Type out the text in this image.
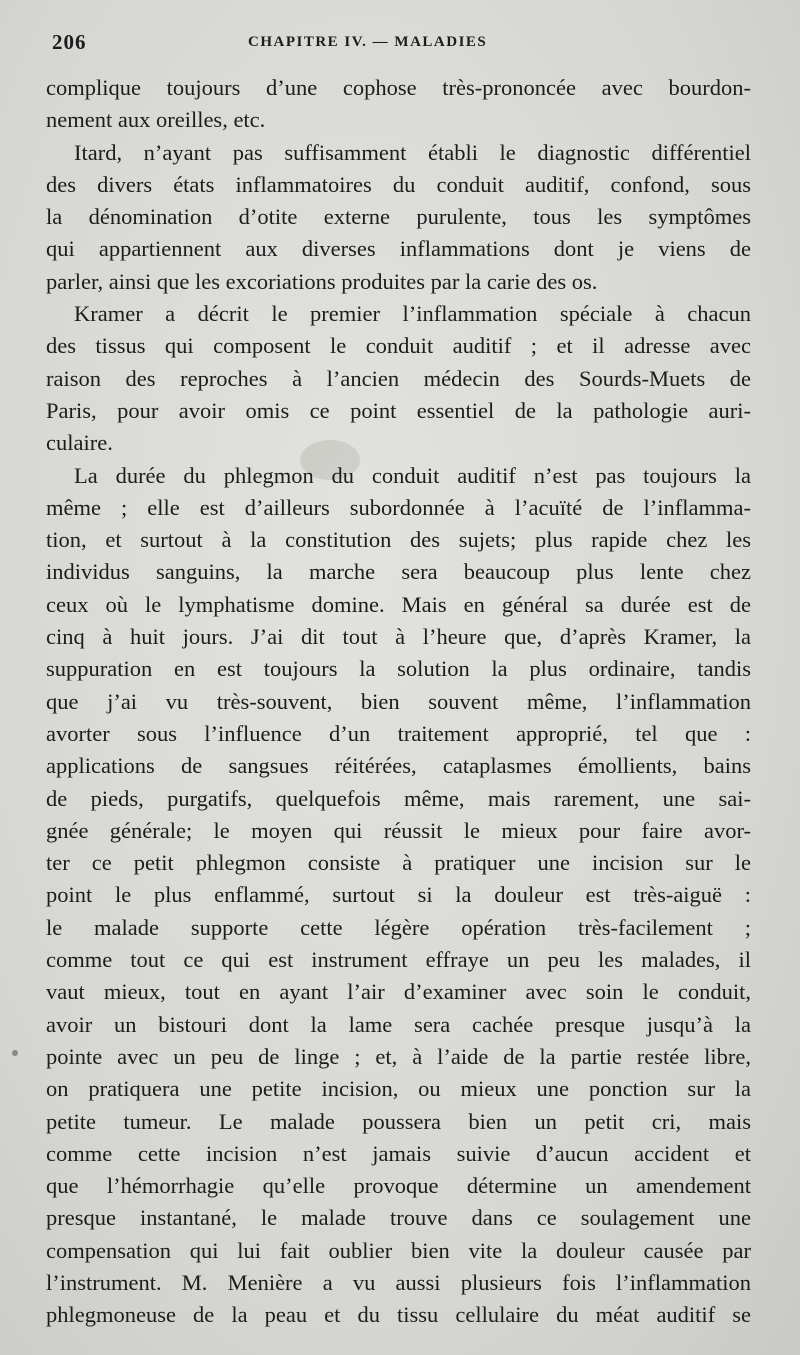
206	CHAPITRE IV. — MALADIES
complique toujours d’une cophose très-prononcée avec bourdon-
nement aux oreilles, etc.
Itard, n’ayant pas suffisamment établi le diagnostic différentiel
des divers états inflammatoires du conduit auditif, confond, sous
la dénomination d’otite externe purulente, tous les symptômes
qui appartiennent aux diverses inflammations dont je viens de
parler, ainsi que les excoriations produites par la carie des os.
Kramer a décrit le premier l’inflammation spéciale à chacun
des tissus qui composent le conduit auditif ; et il adresse avec
raison des reproches à l’ancien médecin des Sourds-Muets de
Paris, pour avoir omis ce point essentiel de la pathologie auri-
culaire.
La durée du phlegmon du conduit auditif n’est pas toujours la
même ; elle est d’ailleurs subordonnée à l’acuïté de l’inflamma-
tion, et surtout à la constitution des sujets; plus rapide chez les
individus sanguins, la marche sera beaucoup plus lente chez
ceux où le lymphatisme domine. Mais en général sa durée est de
cinq à huit jours. J’ai dit tout à l’heure que, d’après Kramer, la
suppuration en est toujours la solution la plus ordinaire, tandis
que j’ai vu très-souvent, bien souvent même, l’inflammation
avorter sous l’influence d’un traitement approprié, tel que :
applications de sangsues réitérées, cataplasmes émollients, bains
de pieds, purgatifs, quelquefois même, mais rarement, une sai-
gnée générale; le moyen qui réussit le mieux pour faire avor-
ter ce petit phlegmon consiste à pratiquer une incision sur le
point le plus enflammé, surtout si la douleur est très-aiguë :
le malade supporte cette légère opération très-facilement ;
comme tout ce qui est instrument effraye un peu les malades, il
vaut mieux, tout en ayant l’air d’examiner avec soin le conduit,
avoir un bistouri dont la lame sera cachée presque jusqu’à la
pointe avec un peu de linge ; et, à l’aide de la partie restée libre,
on pratiquera une petite incision, ou mieux une ponction sur la
petite tumeur. Le malade poussera bien un petit cri, mais
comme cette incision n’est jamais suivie d’aucun accident et
que l’hémorrhagie qu’elle provoque détermine un amendement
presque instantané, le malade trouve dans ce soulagement une
compensation qui lui fait oublier bien vite la douleur causée par
l’instrument. M. Menière a vu aussi plusieurs fois l’inflammation
phlegmoneuse de la peau et du tissu cellulaire du méat auditif se
